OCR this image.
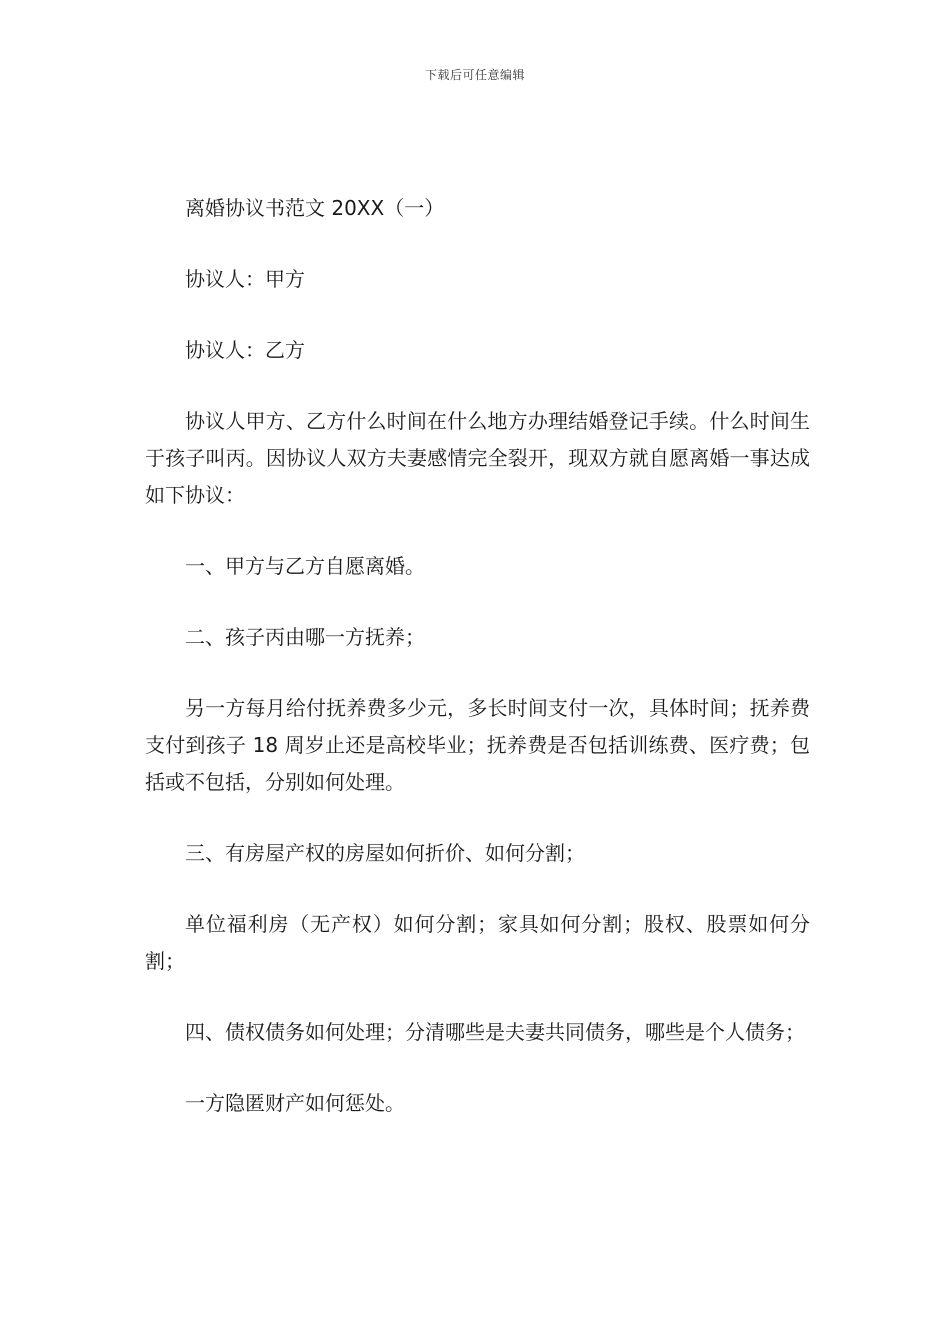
下载后可任意编辑

离婚协议书范文 20XX（一）

协议人：甲方

协议人：乙方

协议人甲方、乙方什么时间在什么地方办理结婚登记手续。什么时间生于孩子叫丙。因协议人双方夫妻感情完全裂开，现双方就自愿离婚一事达成如下协议：

一、甲方与乙方自愿离婚。

二、孩子丙由哪一方抚养；

另一方每月给付抚养费多少元，多长时间支付一次，具体时间；抚养费支付到孩子 18 周岁止还是高校毕业；抚养费是否包括训练费、医疗费；包括或不包括，分别如何处理。

三、有房屋产权的房屋如何折价、如何分割；

单位福利房（无产权）如何分割；家具如何分割；股权、股票如何分割；

四、债权债务如何处理；分清哪些是夫妻共同债务，哪些是个人债务；

一方隐匿财产如何惩处。
